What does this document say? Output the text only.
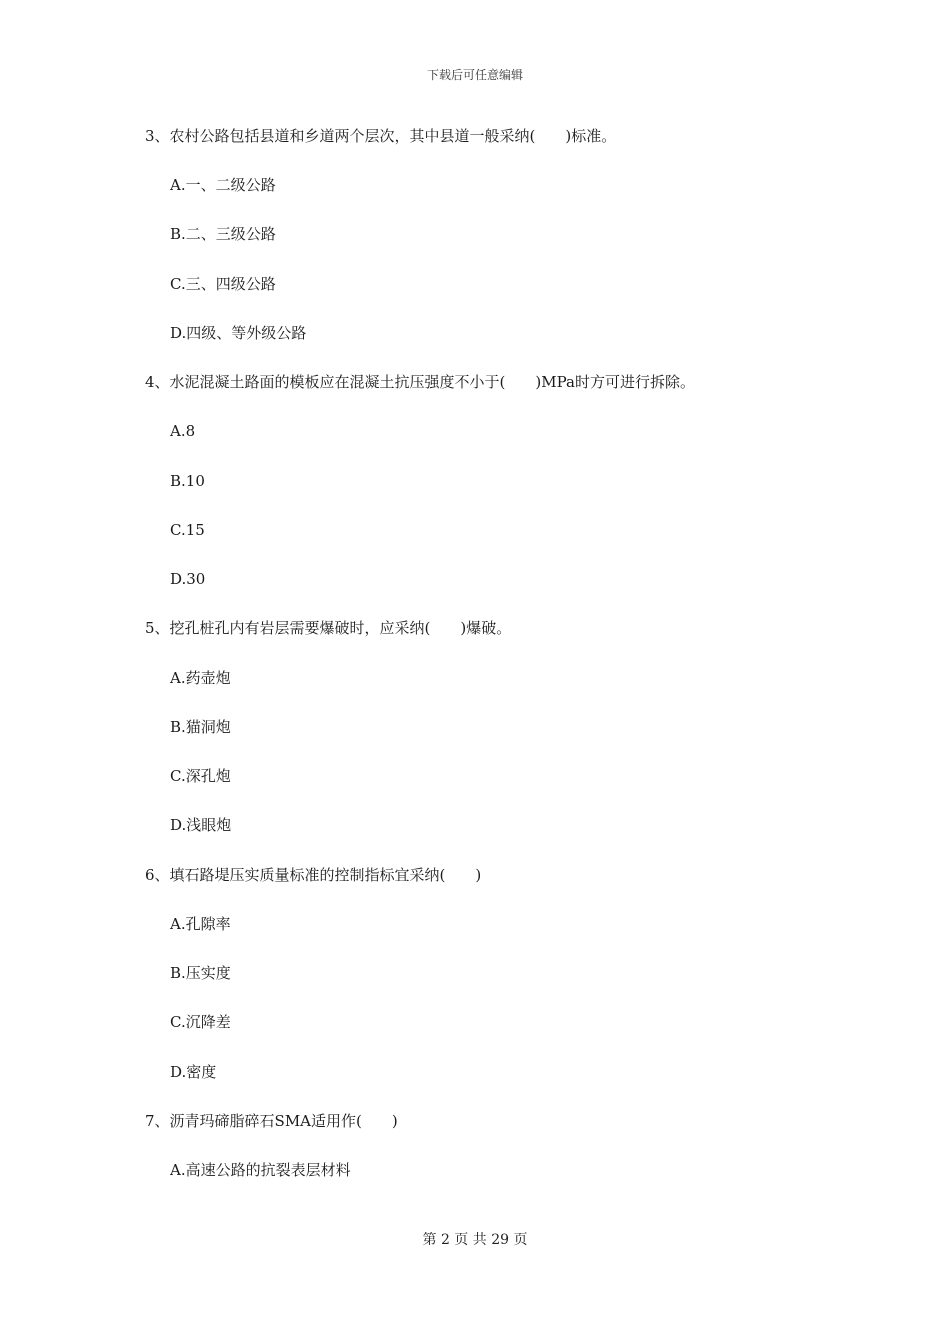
下载后可任意编辑
3、农村公路包括县道和乡道两个层次，其中县道一般采纳(　　)标准。
A.一、二级公路
B.二、三级公路
C.三、四级公路
D.四级、等外级公路
4、水泥混凝土路面的模板应在混凝土抗压强度不小于(　　)MPa时方可进行拆除。
A.8
B.10
C.15
D.30
5、挖孔桩孔内有岩层需要爆破时，应采纳(　　)爆破。
A.药壶炮
B.猫洞炮
C.深孔炮
D.浅眼炮
6、填石路堤压实质量标准的控制指标宜采纳(　　)
A.孔隙率
B.压实度
C.沉降差
D.密度
7、沥青玛碲脂碎石SMA适用作(　　)
A.高速公路的抗裂表层材料
第 2 页 共 29 页
